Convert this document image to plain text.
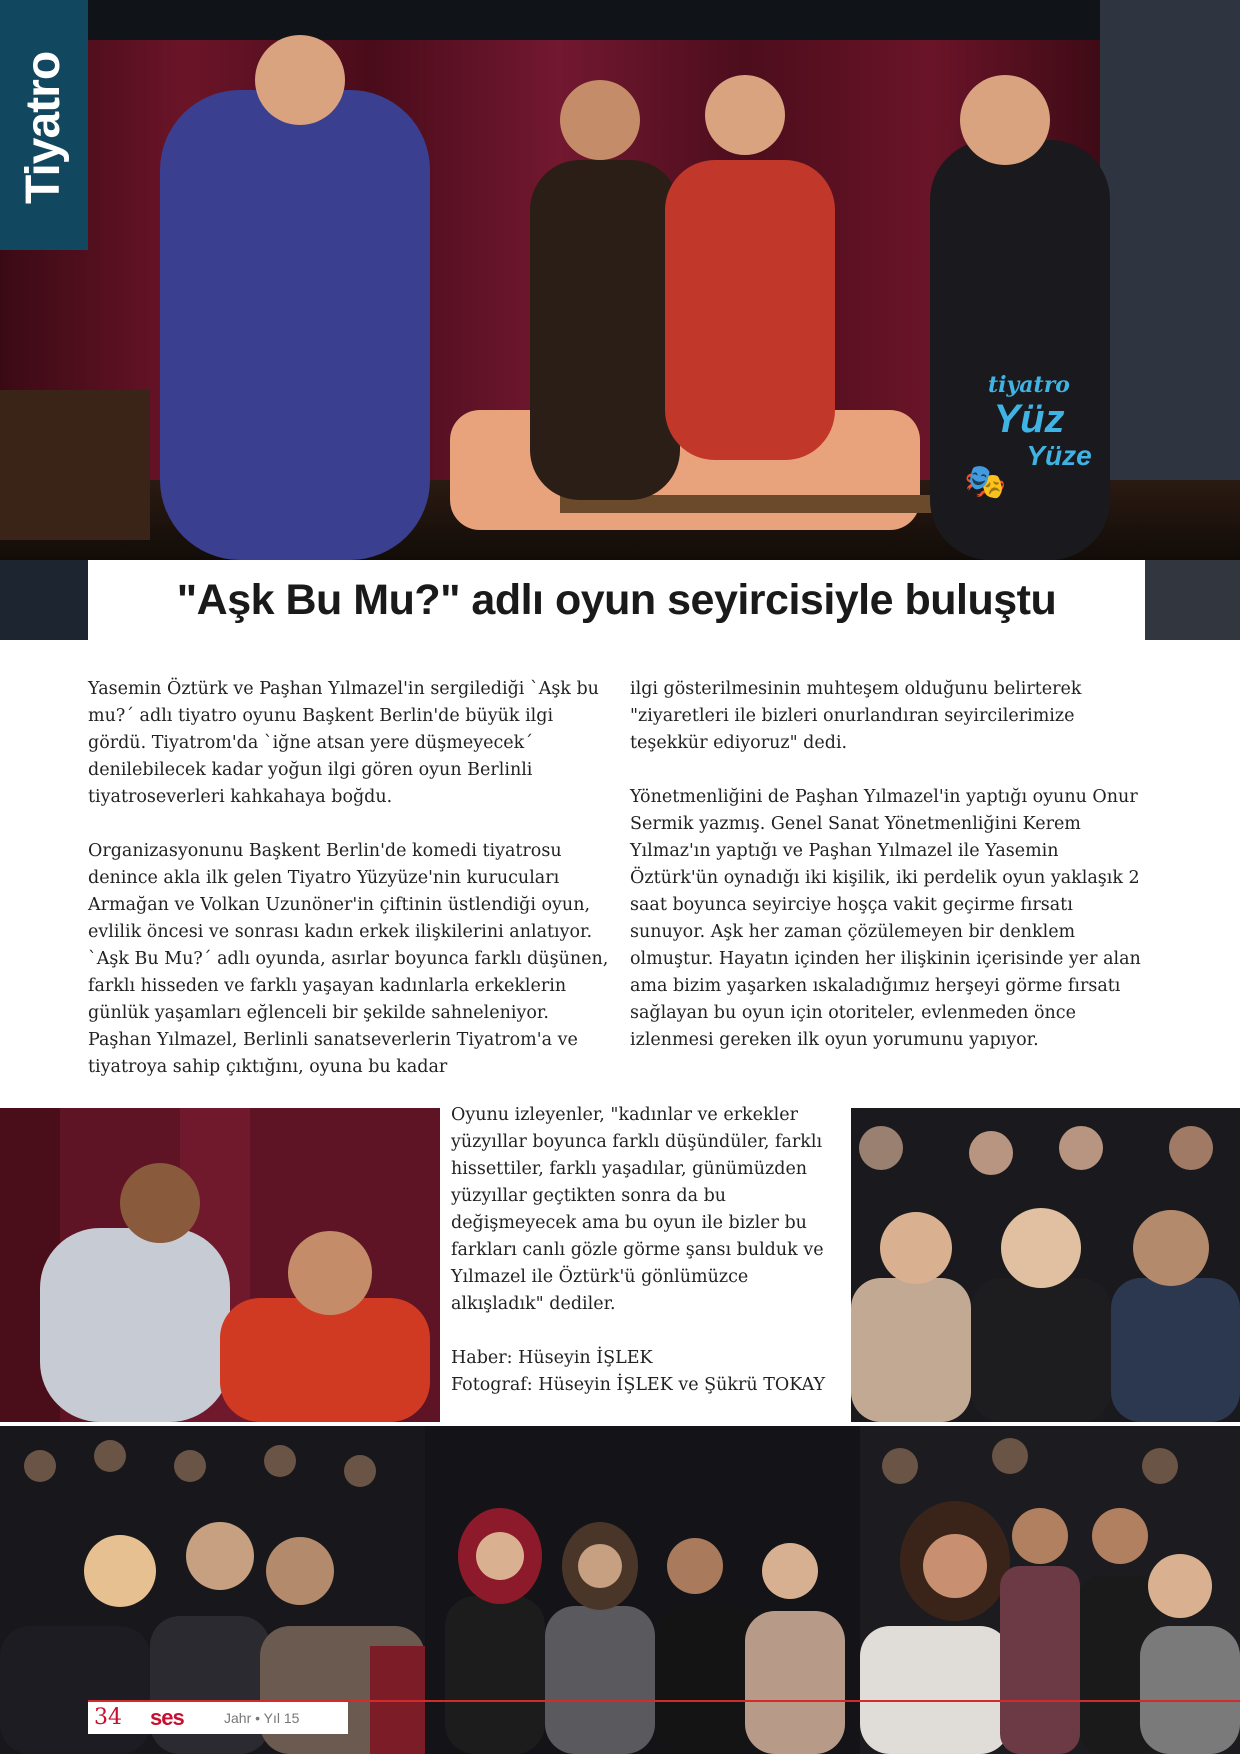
Tiyatro
tiyatro
Yüz
Yüze
🎭
"Aşk Bu Mu?" adlı oyun seyircisiyle buluştu

Yasemin Öztürk ve Paşhan Yılmazel'in sergilediği `Aşk bu mu?´ adlı tiyatro oyunu Başkent Berlin'de büyük ilgi gördü. Tiyatrom'da `iğne atsan yere düşmeyecek´ denilebilecek kadar yoğun ilgi gören oyun Berlinli tiyatroseverleri kahkahaya boğdu.

Organizasyonunu Başkent Berlin'de komedi tiyatrosu denince akla ilk gelen Tiyatro Yüzyüze'nin kurucuları Armağan ve Volkan Uzunöner'in çiftinin üstlendiği oyun, evlilik öncesi ve sonrası kadın erkek ilişkilerini anlatıyor. `Aşk Bu Mu?´ adlı oyunda, asırlar boyunca farklı düşünen, farklı hisseden ve farklı yaşayan kadınlarla erkeklerin günlük yaşamları eğlenceli bir şekilde sahneleniyor. Paşhan Yılmazel, Berlinli sanatseverlerin Tiyatrom'a ve tiyatroya sahip çıktığını, oyuna bu kadar

ilgi gösterilmesinin muhteşem olduğunu belirterek "ziyaretleri ile bizleri onurlandıran seyircilerimize teşekkür ediyoruz" dedi.

Yönetmenliğini de Paşhan Yılmazel'in yaptığı oyunu Onur Sermik yazmış. Genel Sanat Yönetmenliğini Kerem Yılmaz'ın yaptığı ve Paşhan Yılmazel ile Yasemin Öztürk'ün oynadığı iki kişilik, iki perdelik oyun yaklaşık 2 saat boyunca seyirciye hoşça vakit geçirme fırsatı sunuyor. Aşk her zaman çözülemeyen bir denklem olmuştur. Hayatın içinden her ilişkinin içerisinde yer alan ama bizim yaşarken ıskaladığımız herşeyi görme fırsatı sağlayan bu oyun için otoriteler, evlenmeden önce izlenmesi gereken ilk oyun yorumunu yapıyor.

Oyunu izleyenler, "kadınlar ve erkekler yüzyıllar boyunca farklı düşündüler, farklı hissettiler, farklı yaşadılar, günümüzden yüzyıllar geçtikten sonra da bu değişmeyecek ama bu oyun ile bizler bu farkları canlı gözle görme şansı bulduk ve Yılmazel ile Öztürk'ü gönlümüzce alkışladık" dediler.

Haber: Hüseyin İŞLEK
Fotograf: Hüseyin İŞLEK ve Şükrü TOKAY
34 ses	Jahr • Yıl 15
